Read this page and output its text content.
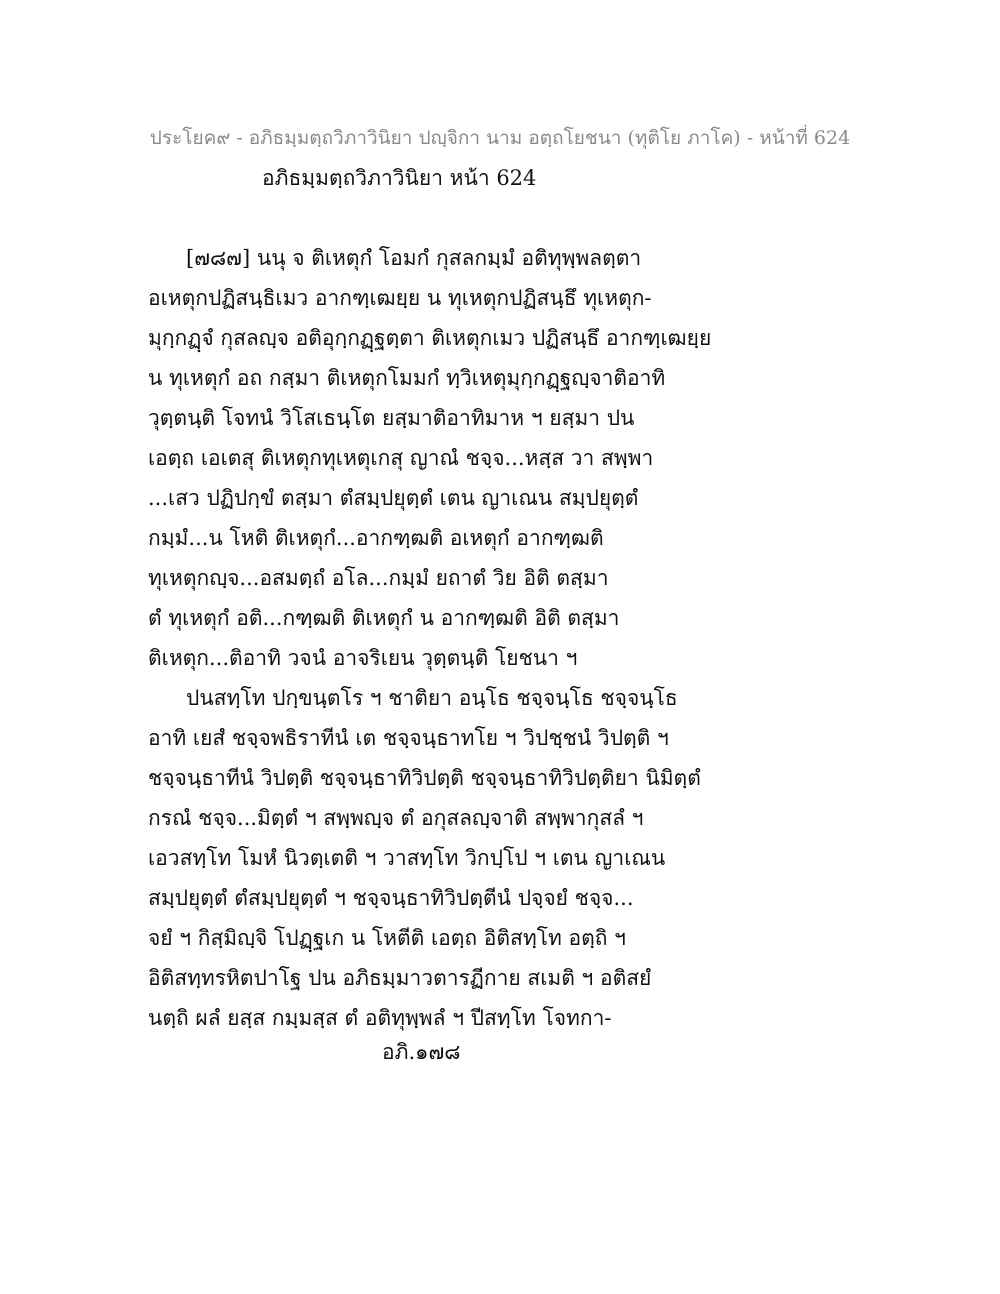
ประโยค๙ - อภิธมฺมตฺถวิภาวินิยา ปญฺจิกา นาม อตฺถโยชนา (ทุติโย ภาโค) - หน้าที่ 624
อภิธมฺมตฺถวิภาวินิยา หน้า 624
[๗๘๗] นนุ จ ติเหตุกํ โอมกํ กุสลกมฺมํ อติทุพฺพลตฺตา
อเหตุกปฏิสนฺธิเมว อากฑฺเฒยฺย น ทุเหตุกปฏิสนฺธึ ทุเหตุก-
มุกฺกฏฺจํ กุสลญฺจ อติอุกฺกฏฺฐตฺตา ติเหตุกเมว ปฏิสนฺธึ อากฑฺเฒยฺย
น ทุเหตุกํ อถ กสฺมา ติเหตุกโมมกํ ทฺวิเหตุมุกฺกฏฺฐญฺจาติอาทิ
วุตฺตนฺติ โจทนํ วิโสเธนฺโต ยสฺมาติอาทิมาห ฯ ยสฺมา ปน
เอตฺถ เอเตสุ ติเหตุกทุเหตุเกสุ ญาณํ ชจฺจ...หสฺส วา สพฺพา
...เสว ปฏิปกฺขํ ตสฺมา ตํสมฺปยุตฺตํ เตน ญาเณน สมฺปยุตฺตํ
กมฺมํ...น โหติ ติเหตุกํ...อากฑฺฒติ อเหตุกํ อากฑฺฒติ
ทุเหตุกญฺจ...อสมตฺถํ อโล...กมฺมํ ยถาตํ วิย อิติ ตสฺมา
ตํ ทุเหตุกํ อติ...กฑฺฒติ ติเหตุกํ น อากฑฺฒติ อิติ ตสฺมา
ติเหตุก...ติอาทิ วจนํ อาจริเยน วุตฺตนฺติ โยชนา ฯ
ปนสทฺโท ปกฺขนฺตโร ฯ ชาติยา อนฺโธ ชจฺจนฺโธ ชจฺจนฺโธ
อาทิ เยสํ ชจฺจพธิราทีนํ เต ชจฺจนฺธาทโย ฯ วิปชฺชนํ วิปตฺติ ฯ
ชจฺจนฺธาทีนํ วิปตฺติ ชจฺจนฺธาทิวิปตฺติ ชจฺจนฺธาทิวิปตฺติยา นิมิตฺตํ
กรณํ ชจฺจ...มิตฺตํ ฯ สพฺพญฺจ ตํ อกุสลญฺจาติ สพฺพากุสลํ ฯ
เอวสทฺโท โมหํ นิวตฺเตติ ฯ วาสทฺโท วิกปฺโป ฯ เตน ญาเณน
สมฺปยุตฺตํ ตํสมฺปยุตฺตํ ฯ ชจฺจนฺธาทิวิปตฺตีนํ ปจฺจยํ ชจฺจ...
จยํ ฯ กิสฺมิญฺจิ โปฏฺฐเก น โหตีติ เอตฺถ อิติสทฺโท อตฺถิ ฯ
อิติสทฺทรหิตปาโฐ ปน อภิธมฺมาวตารฏีกาย สเมติ ฯ อติสยํ
นตฺถิ ผลํ ยสฺส กมฺมสฺส ตํ อติทุพฺพลํ ฯ ปีสทฺโท โจทกา-
อภิ.๑๗๘
